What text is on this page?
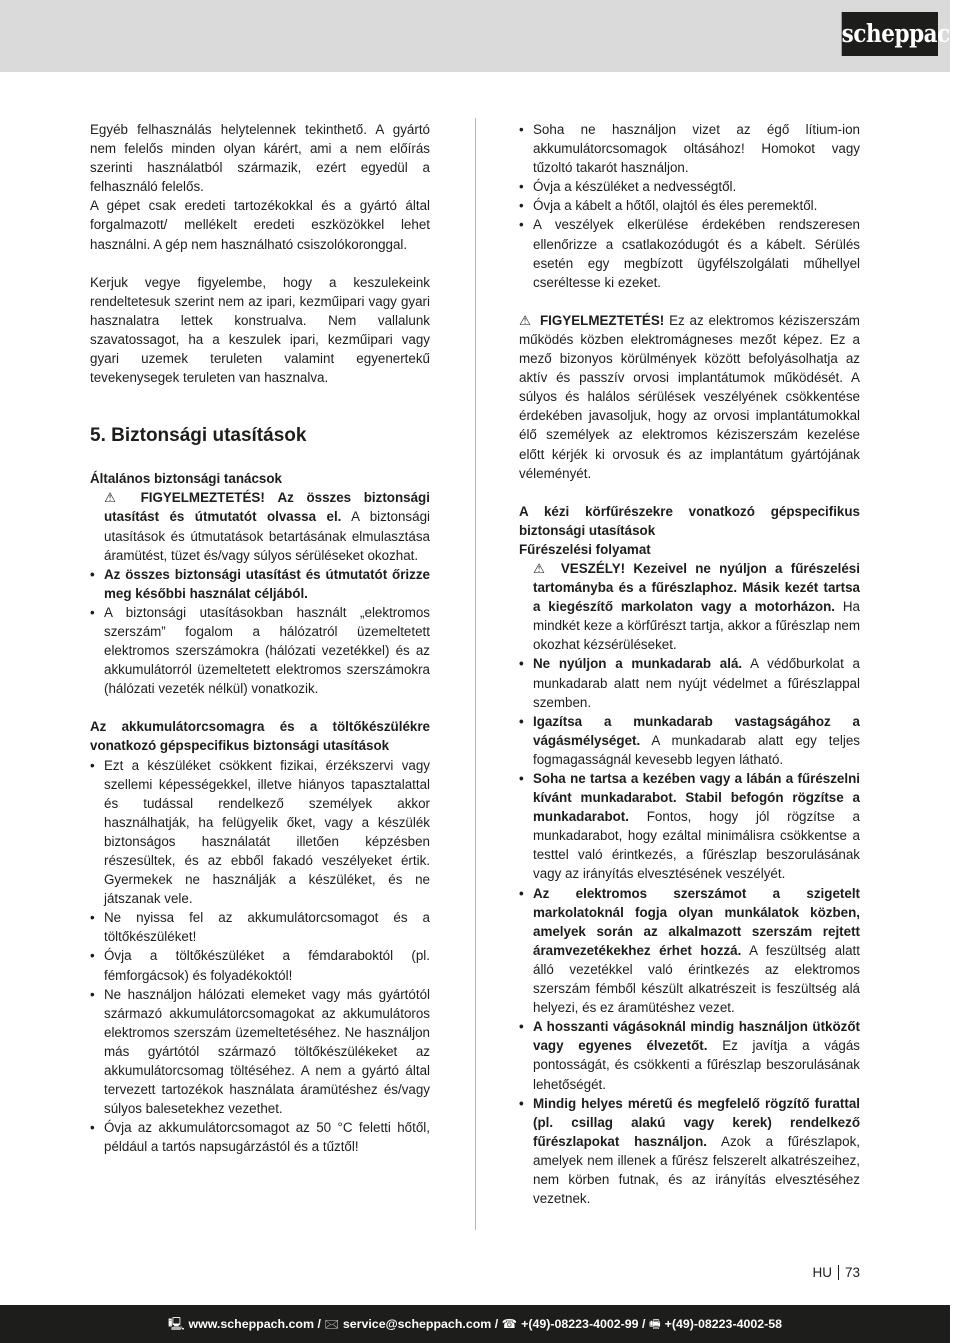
scheppach

Egyéb felhasználás helytelennek tekinthető. A gyártó nem felelős minden olyan kárért, ami a nem előírás szerinti használatból származik, ezért egyedül a felhasználó felelős.

A gépet csak eredeti tartozékokkal és a gyártó által forgalmazott/ mellékelt eredeti eszközökkel lehet használni. A gép nem használható csiszolókoronggal.

Kerjuk vegye figyelembe, hogy a keszulekeink rendeltetesuk szerint nem az ipari, kezműipari vagy gyari hasznalatra lettek konstrualva. Nem vallalunk szavatossagot, ha a keszulek ipari, kezműipari vagy gyari uzemek teruleten valamint egyenertekű tevekenysegek teruleten van hasznalva.

5. Biztonsági utasítások

Általános biztonsági tanácsok

⚠ FIGYELMEZTETÉS! Az összes biztonsági utasítást és útmutatót olvassa el. A biztonsági utasítások és útmutatások betartásának elmulasztása áramütést, tüzet és/vagy súlyos sérüléseket okozhat.
• Az összes biztonsági utasítást és útmutatót őrizze meg későbbi használat céljából.
• A biztonsági utasításokban használt „elektromos szerszám” fogalom a hálózatról üzemeltetett elektromos szerszámokra (hálózati vezetékkel) és az akkumulátorról üzemeltetett elektromos szerszámokra (hálózati vezeték nélkül) vonatkozik.

Az akkumulátorcsomagra és a töltőkészülékre vonatkozó gépspecifikus biztonsági utasítások

• Ezt a készüléket csökkent fizikai, érzékszervi vagy szellemi képességekkel, illetve hiányos tapasztalattal és tudással rendelkező személyek akkor használhatják, ha felügyelik őket, vagy a készülék biztonságos használatát illetően képzésben részesültek, és az ebből fakadó veszélyeket értik. Gyermekek ne használják a készüléket, és ne játszanak vele.
• Ne nyissa fel az akkumulátorcsomagot és a töltőkészüléket!
• Óvja a töltőkészüléket a fémdaraboktól (pl. fémforgácsok) és folyadékoktól!
• Ne használjon hálózati elemeket vagy más gyártótól származó akkumulátorcsomagokat az akkumulátoros elektromos szerszám üzemeltetéséhez. Ne használjon más gyártótól származó töltőkészülékeket az akkumulátorcsomag töltéséhez. A nem a gyártó által tervezett tartozékok használata áramütéshez és/vagy súlyos balesetekhez vezethet.
• Óvja az akkumulátorcsomagot az 50 °C feletti hőtől, például a tartós napsugárzástól és a tűztől!
• Soha ne használjon vizet az égő lítium-ion akkumulátorcsomagok oltásához! Homokot vagy tűzoltó takarót használjon.
• Óvja a készüléket a nedvességtől.
• Óvja a kábelt a hőtől, olajtól és éles peremektől.
• A veszélyek elkerülése érdekében rendszeresen ellenőrizze a csatlakozódugót és a kábelt. Sérülés esetén egy megbízott ügyfélszolgálati műhellyel cseréltesse ki ezeket.

⚠ FIGYELMEZTETÉS! Ez az elektromos kéziszerszám működés közben elektromágneses mezőt képez. Ez a mező bizonyos körülmények között befolyásolhatja az aktív és passzív orvosi implantátumok működését. A súlyos és halálos sérülések veszélyének csökkentése érdekében javasoljuk, hogy az orvosi implantátumokkal élő személyek az elektromos kéziszerszám kezelése előtt kérjék ki orvosuk és az implantátum gyártójának véleményét.

A kézi körfűrészekre vonatkozó gépspecifikus biztonsági utasítások

Fűrészelési folyamat

⚠ VESZÉLY! Kezeivel ne nyúljon a fűrészelési tartományba és a fűrészlaphoz. Másik kezét tartsa a kiegészítő markolaton vagy a motorházon. Ha mindkét keze a körfűrészt tartja, akkor a fűrészlap nem okozhat kézsérüléseket.
• Ne nyúljon a munkadarab alá. A védőburkolat a munkadarab alatt nem nyújt védelmet a fűrészlappal szemben.
• Igazítsa a munkadarab vastagságához a vágásmélységet. A munkadarab alatt egy teljes fogmagasságnál kevesebb legyen látható.
• Soha ne tartsa a kezében vagy a lábán a fűrészelni kívánt munkadarabot. Stabil befogón rögzítse a munkadarabot. Fontos, hogy jól rögzítse a munkadarabot, hogy ezáltal minimálisra csökkentse a testtel való érintkezés, a fűrészlap beszorulásának vagy az irányítás elvesztésének veszélyét.
• Az elektromos szerszámot a szigetelt markolatoknál fogja olyan munkálatok közben, amelyek során az alkalmazott szerszám rejtett áramvezetékekhez érhet hozzá. A feszültség alatt álló vezetékkel való érintkezés az elektromos szerszám fémből készült alkatrészeit is feszültség alá helyezi, és ez áramütéshez vezet.
• A hosszanti vágásoknál mindig használjon ütközőt vagy egyenes élvezetőt. Ez javítja a vágás pontosságát, és csökkenti a fűrészlap beszorulásának lehetőségét.
• Mindig helyes méretű és megfelelő rögzítő furattal (pl. csillag alakú vagy kerek) rendelkező fűrészlapokat használjon. Azok a fűrészlapok, amelyek nem illenek a fűrész felszerelt alkatrészeihez, nem körben futnak, és az irányítás elvesztéséhez vezetnek.
HU 73
🖳 www.scheppach.com / 🖂 service@scheppach.com / ☎ +(49)-08223-4002-99 / 🖷 +(49)-08223-4002-58
